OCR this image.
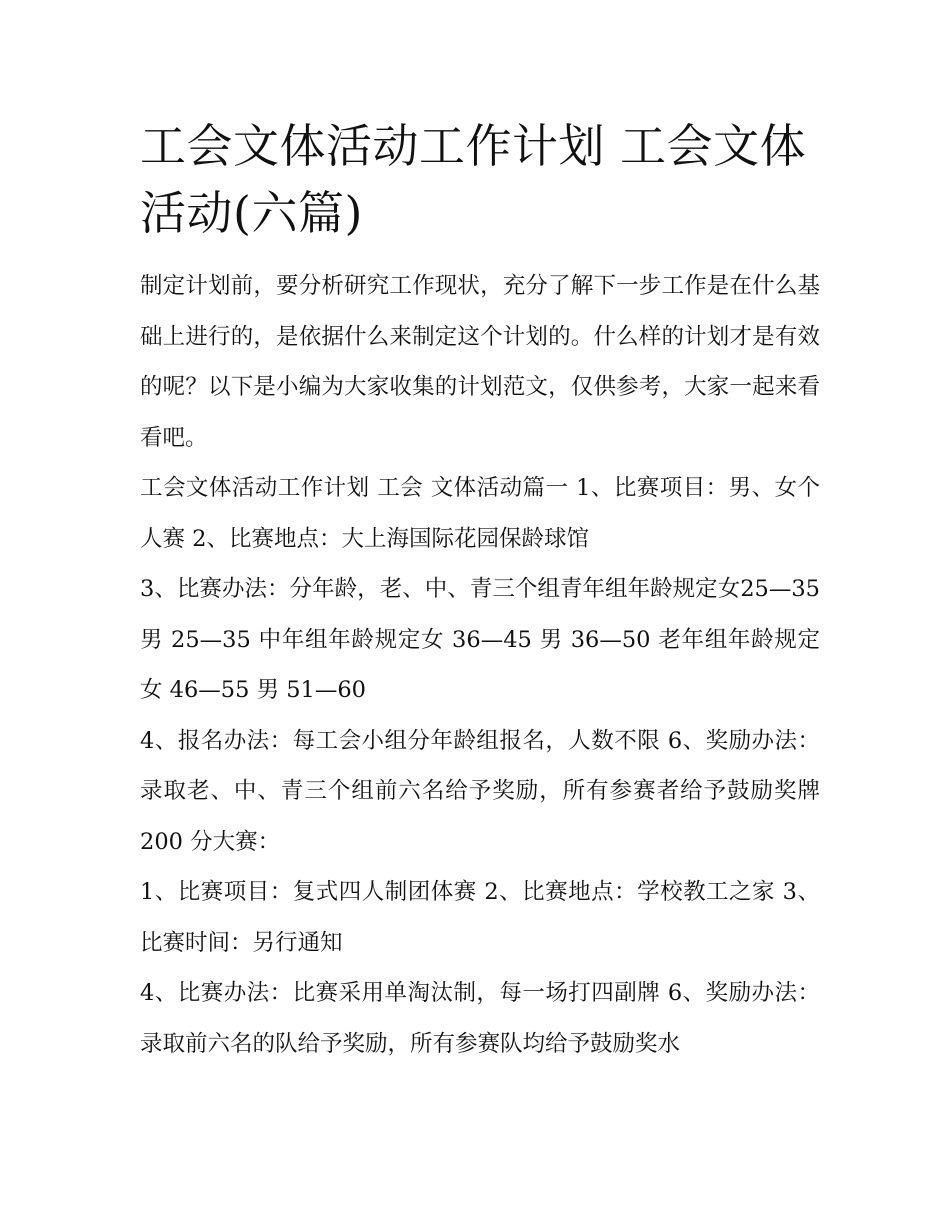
工会文体活动工作计划 工会文体活动(六篇)

制定计划前，要分析研究工作现状，充分了解下一步工作是在什么基础上进行的，是依据什么来制定这个计划的。什么样的计划才是有效的呢？以下是小编为大家收集的计划范文，仅供参考，大家一起来看看吧。

工会文体活动工作计划 工会 文体活动篇一 1、比赛项目：男、女个人赛 2、比赛地点：大上海国际花园保龄球馆

3、比赛办法：分年龄，老、中、青三个组青年组年龄规定女25—35 男 25—35 中年组年龄规定女 36—45 男 36—50 老年组年龄规定女 46—55 男 51—60

4、报名办法：每工会小组分年龄组报名，人数不限 6、奖励办法：录取老、中、青三个组前六名给予奖励，所有参赛者给予鼓励奖牌 200 分大赛：

1、比赛项目：复式四人制团体赛 2、比赛地点：学校教工之家 3、比赛时间：另行通知

4、比赛办法：比赛采用单淘汰制，每一场打四副牌 6、奖励办法：录取前六名的队给予奖励，所有参赛队均给予鼓励奖水
